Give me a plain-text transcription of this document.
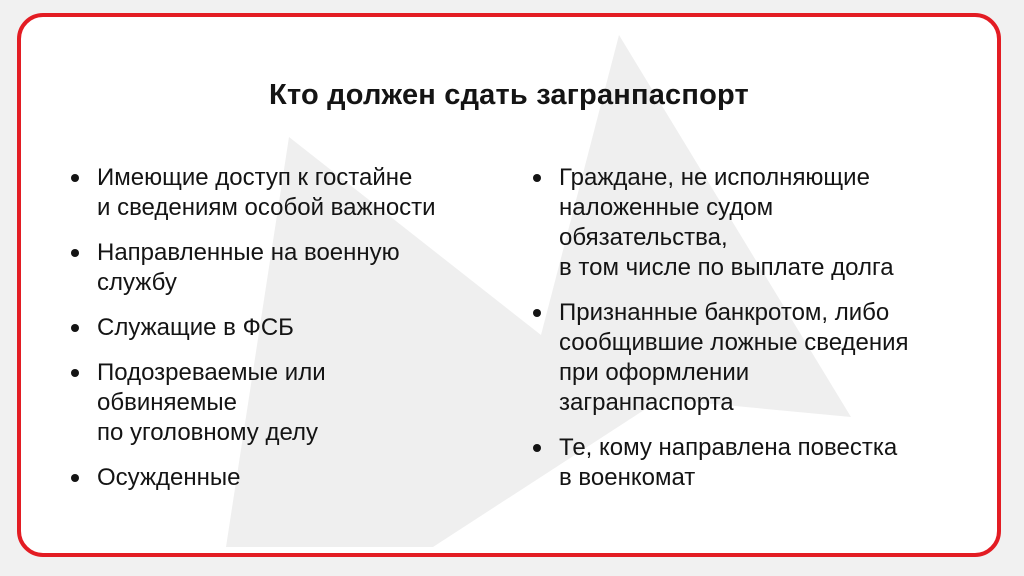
Кто должен сдать загранпаспорт
Имеющие доступ к гостайне
и сведениям особой важности
Направленные на военную
службу
Служащие в ФСБ
Подозреваемые или
обвиняемые
по уголовному делу
Осужденные
Граждане, не исполняющие
наложенные судом
обязательства,
в том числе по выплате долга
Признанные банкротом, либо
сообщившие ложные сведения
при оформлении
загранпаспорта
Те, кому направлена повестка
в военкомат
